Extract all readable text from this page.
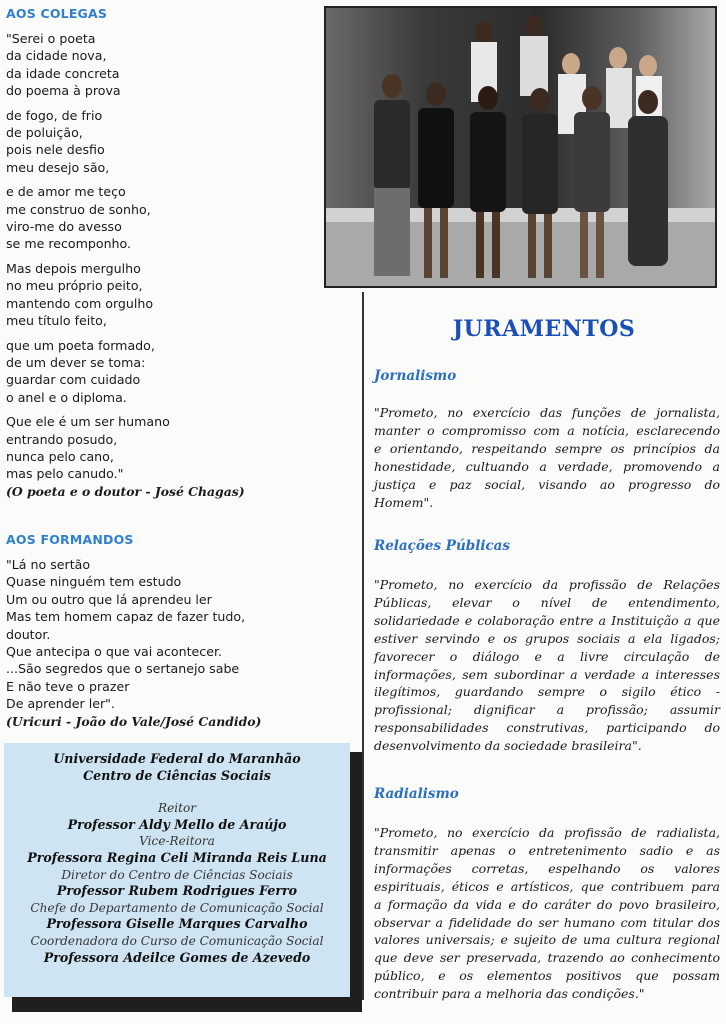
AOS COLEGAS
"Serei o poeta
da cidade nova,
da idade concreta
do poema à prova
de fogo, de frio
de poluição,
pois nele desfio
meu desejo são,
e de amor me teço
me construo de sonho,
viro-me do avesso
se me recomponho.
Mas depois mergulho
no meu próprio peito,
mantendo com orgulho
meu título feito,
que um poeta formado,
de um dever se toma:
guardar com cuidado
o anel e o diploma.
Que ele é um ser humano
entrando posudo,
nunca pelo cano,
mas pelo canudo."
(O poeta e o doutor - José Chagas)
AOS FORMANDOS
"Lá no sertão
Quase ninguém tem estudo
Um ou outro que lá aprendeu ler
Mas tem homem capaz de fazer tudo,
doutor.
Que antecipa o que vai acontecer.
...São segredos que o sertanejo sabe
E não teve o prazer
De aprender ler".
(Uricuri - João do Vale/José Candido)
Universidade Federal do Maranhão
Centro de Ciências Sociais
Reitor
Professor Aldy Mello de Araújo
Vice-Reitora
Professora Regina Celi Miranda Reis Luna
Diretor do Centro de Ciências Sociais
Professor Rubem Rodrigues Ferro
Chefe do Departamento de Comunicação Social
Professora Giselle Marques Carvalho
Coordenadora do Curso de Comunicação Social
Professora Adeilce Gomes de Azevedo
JURAMENTOS
Jornalismo
"Prometo, no exercício das funções de jornalista,
manter o compromisso com a notícia, esclarecendo
e orientando, respeitando sempre os princípios da
honestidade, cultuando a verdade, promovendo a
justiça e paz social, visando ao progresso do
Homem".
Relações Públicas
"Prometo, no exercício da profissão de Relações
Públicas, elevar o nível de entendimento,
solidariedade e colaboração entre a Instituição a que
estiver servindo e os grupos sociais a ela ligados;
favorecer o diálogo e a livre circulação de
informações, sem subordinar a verdade a interesses
ilegítimos, guardando sempre o sigilo ético -
profissional; dignificar a profissão; assumir
responsabilidades construtivas, participando do
desenvolvimento da sociedade brasileira".
Radialismo
"Prometo, no exercício da profissão de radialista,
transmitir apenas o entretenimento sadio e as
informações corretas, espelhando os valores
espirituais, éticos e artísticos, que contribuem para
a formação da vida e do caráter do povo brasileiro,
observar a fidelidade do ser humano com titular dos
valores universais; e sujeito de uma cultura regional
que deve ser preservada, trazendo ao conhecimento
público, e os elementos positivos que possam
contribuir para a melhoria das condições."
